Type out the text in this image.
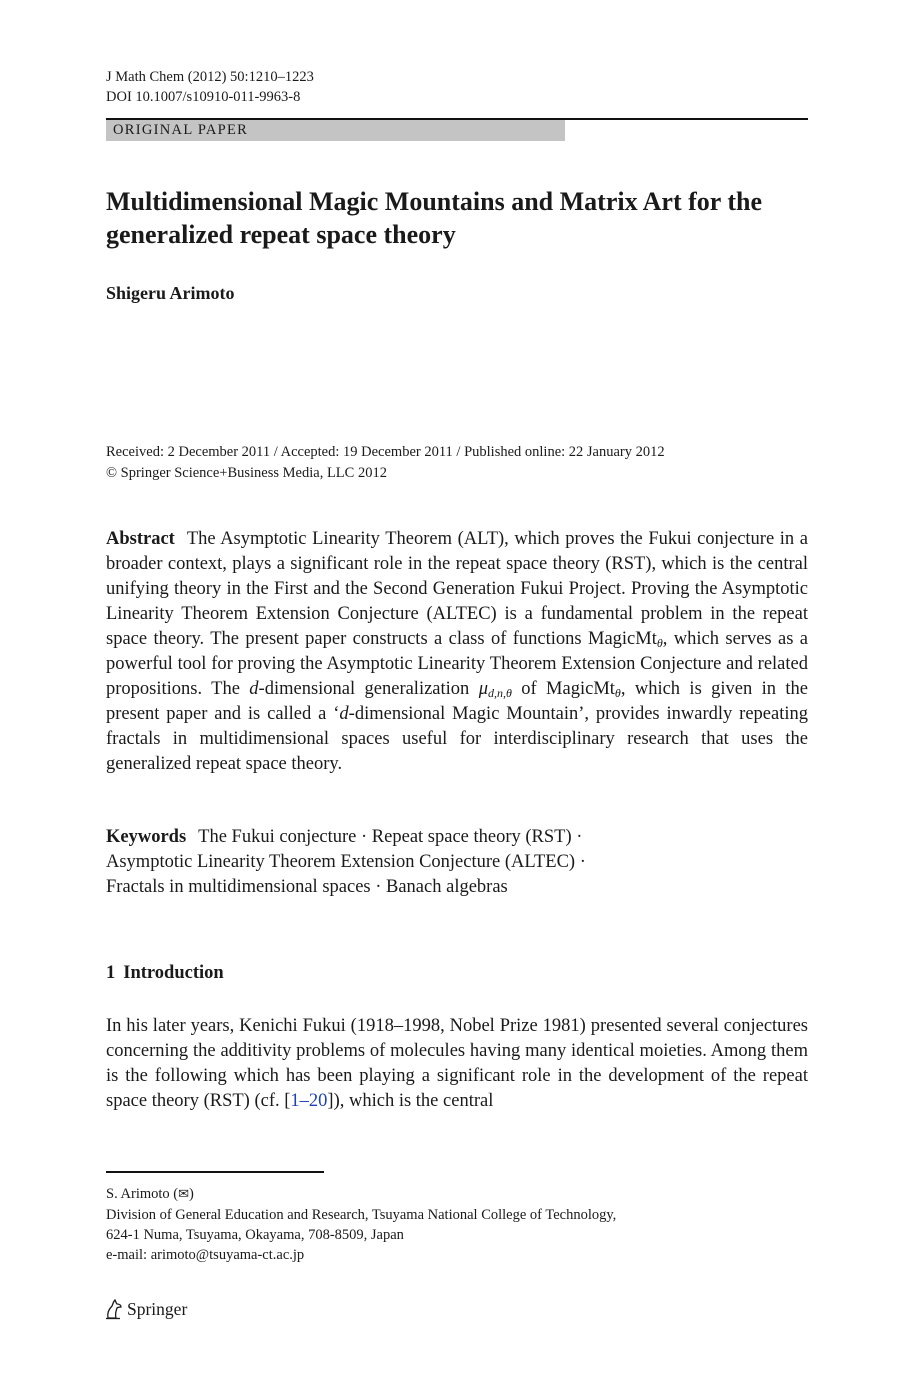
J Math Chem (2012) 50:1210–1223
DOI 10.1007/s10910-011-9963-8
ORIGINAL PAPER
Multidimensional Magic Mountains and Matrix Art for the generalized repeat space theory
Shigeru Arimoto
Received: 2 December 2011 / Accepted: 19 December 2011 / Published online: 22 January 2012
© Springer Science+Business Media, LLC 2012

Abstract The Asymptotic Linearity Theorem (ALT), which proves the Fukui conjecture in a broader context, plays a significant role in the repeat space theory (RST), which is the central unifying theory in the First and the Second Generation Fukui Project. Proving the Asymptotic Linearity Theorem Extension Conjecture (ALTEC) is a fundamental problem in the repeat space theory. The present paper constructs a class of functions MagicMt$_\theta$, which serves as a powerful tool for proving the Asymptotic Linearity Theorem Extension Conjecture and related propositions. The d-dimensional generalization $\mu_{d,n,\theta}$ of MagicMt$_\theta$, which is given in the present paper and is called a ‘d-dimensional Magic Mountain’, provides inwardly repeating fractals in multidimensional spaces useful for interdisciplinary research that uses the generalized repeat space theory.

Keywords The Fukui conjecture · Repeat space theory (RST) ·
Asymptotic Linearity Theorem Extension Conjecture (ALTEC) ·
Fractals in multidimensional spaces · Banach algebras

1 Introduction

In his later years, Kenichi Fukui (1918–1998, Nobel Prize 1981) presented several conjectures concerning the additivity problems of molecules having many identical moieties. Among them is the following which has been playing a significant role in the development of the repeat space theory (RST) (cf. [1–20]), which is the central

S. Arimoto (✉)
Division of General Education and Research, Tsuyama National College of Technology,
624-1 Numa, Tsuyama, Okayama, 708-8509, Japan
e-mail: arimoto@tsuyama-ct.ac.jp
Springer
